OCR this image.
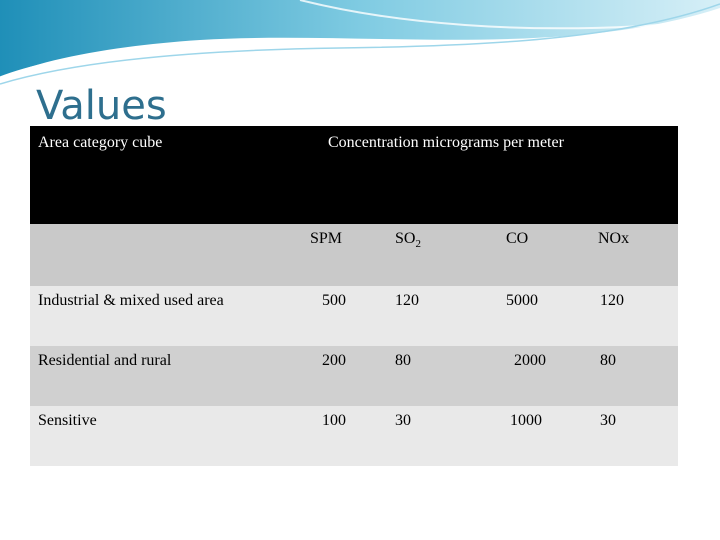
Values
Area category cube	Concentration micrograms per meter			
	SPM	$SO_2$	CO	NOx
Industrial & mixed used area	500	120	5000	120
Residential and rural	200	80	2000	80
Sensitive	100	30	1000	30
